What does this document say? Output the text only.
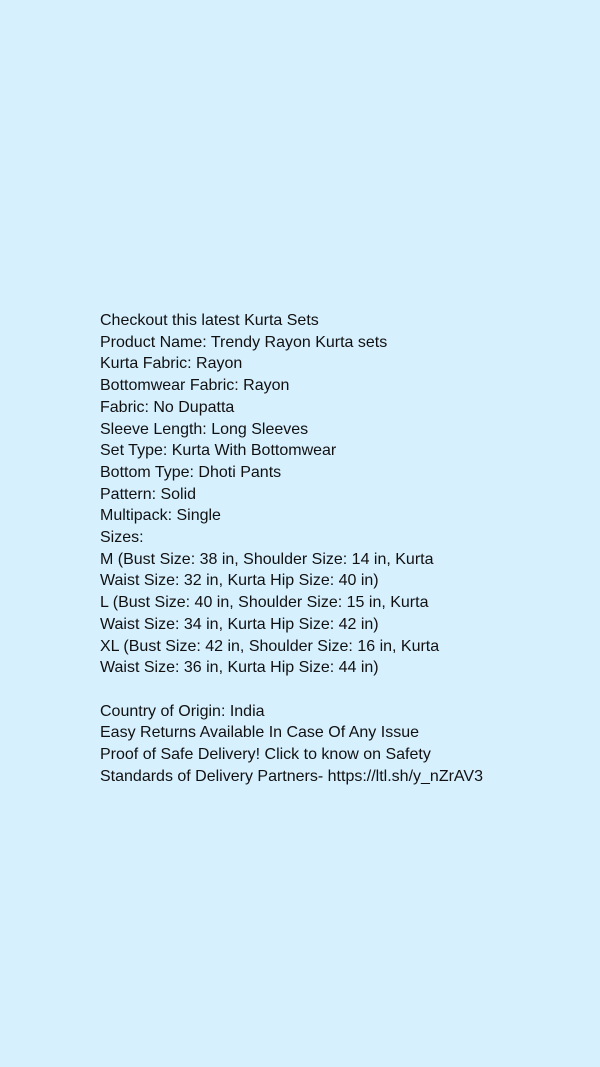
Checkout this latest Kurta Sets
Product Name: Trendy Rayon Kurta sets
Kurta Fabric: Rayon
Bottomwear Fabric: Rayon
Fabric: No Dupatta
Sleeve Length: Long Sleeves
Set Type: Kurta With Bottomwear
Bottom Type: Dhoti Pants
Pattern: Solid
Multipack: Single
Sizes:
M (Bust Size: 38 in, Shoulder Size: 14 in, Kurta
Waist Size: 32 in, Kurta Hip Size: 40 in)
L (Bust Size: 40 in, Shoulder Size: 15 in, Kurta
Waist Size: 34 in, Kurta Hip Size: 42 in)
XL (Bust Size: 42 in, Shoulder Size: 16 in, Kurta
Waist Size: 36 in, Kurta Hip Size: 44 in)
Country of Origin: India
Easy Returns Available In Case Of Any Issue
Proof of Safe Delivery! Click to know on Safety
Standards of Delivery Partners- https://ltl.sh/y_nZrAV3
